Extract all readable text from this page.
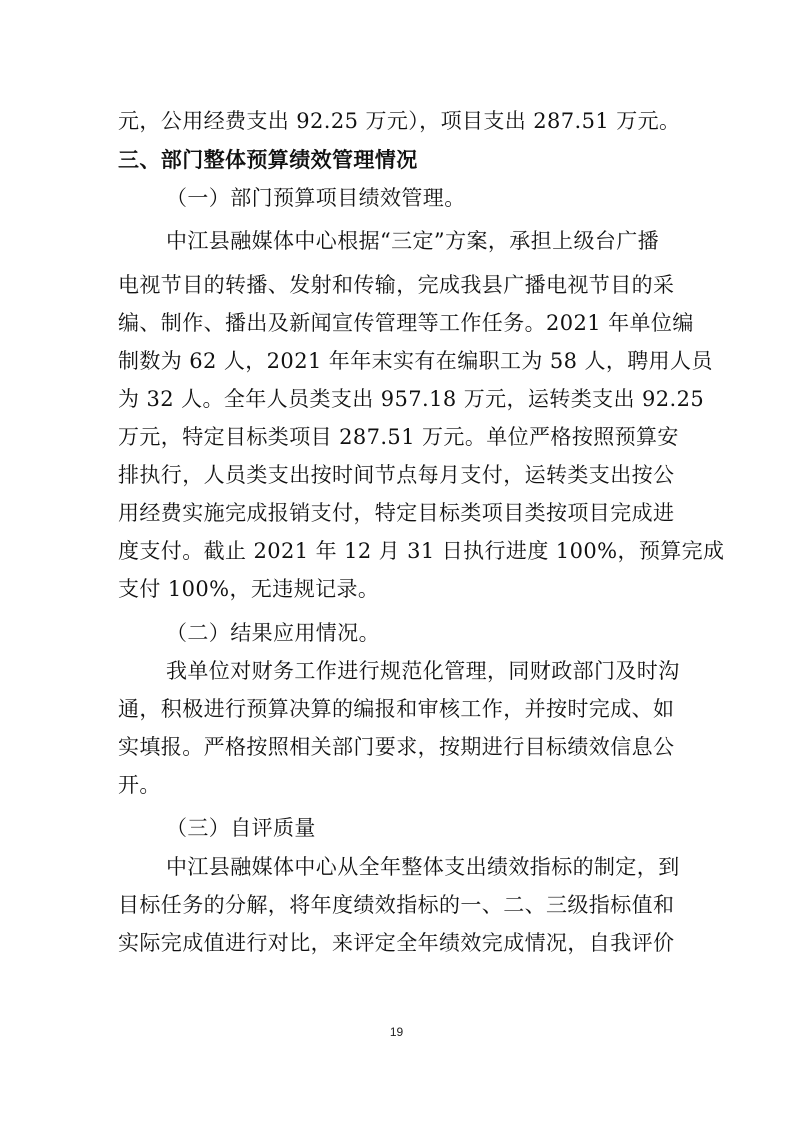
元，公用经费支出 92.25 万元），项目支出 287.51 万元。
三、部门整体预算绩效管理情况
（一）部门预算项目绩效管理。
中江县融媒体中心根据“三定”方案，承担上级台广播
电视节目的转播、发射和传输，完成我县广播电视节目的采
编、制作、播出及新闻宣传管理等工作任务。2021 年单位编
制数为 62 人，2021 年年末实有在编职工为 58 人，聘用人员
为 32 人。全年人员类支出 957.18 万元，运转类支出 92.25
万元，特定目标类项目 287.51 万元。单位严格按照预算安
排执行，人员类支出按时间节点每月支付，运转类支出按公
用经费实施完成报销支付，特定目标类项目类按项目完成进
度支付。截止 2021 年 12 月 31 日执行进度 100%，预算完成
支付 100%，无违规记录。
（二）结果应用情况。
我单位对财务工作进行规范化管理，同财政部门及时沟
通，积极进行预算决算的编报和审核工作，并按时完成、如
实填报。严格按照相关部门要求，按期进行目标绩效信息公
开。
（三）自评质量
中江县融媒体中心从全年整体支出绩效指标的制定，到
目标任务的分解，将年度绩效指标的一、二、三级指标值和
实际完成值进行对比，来评定全年绩效完成情况，自我评价
19
